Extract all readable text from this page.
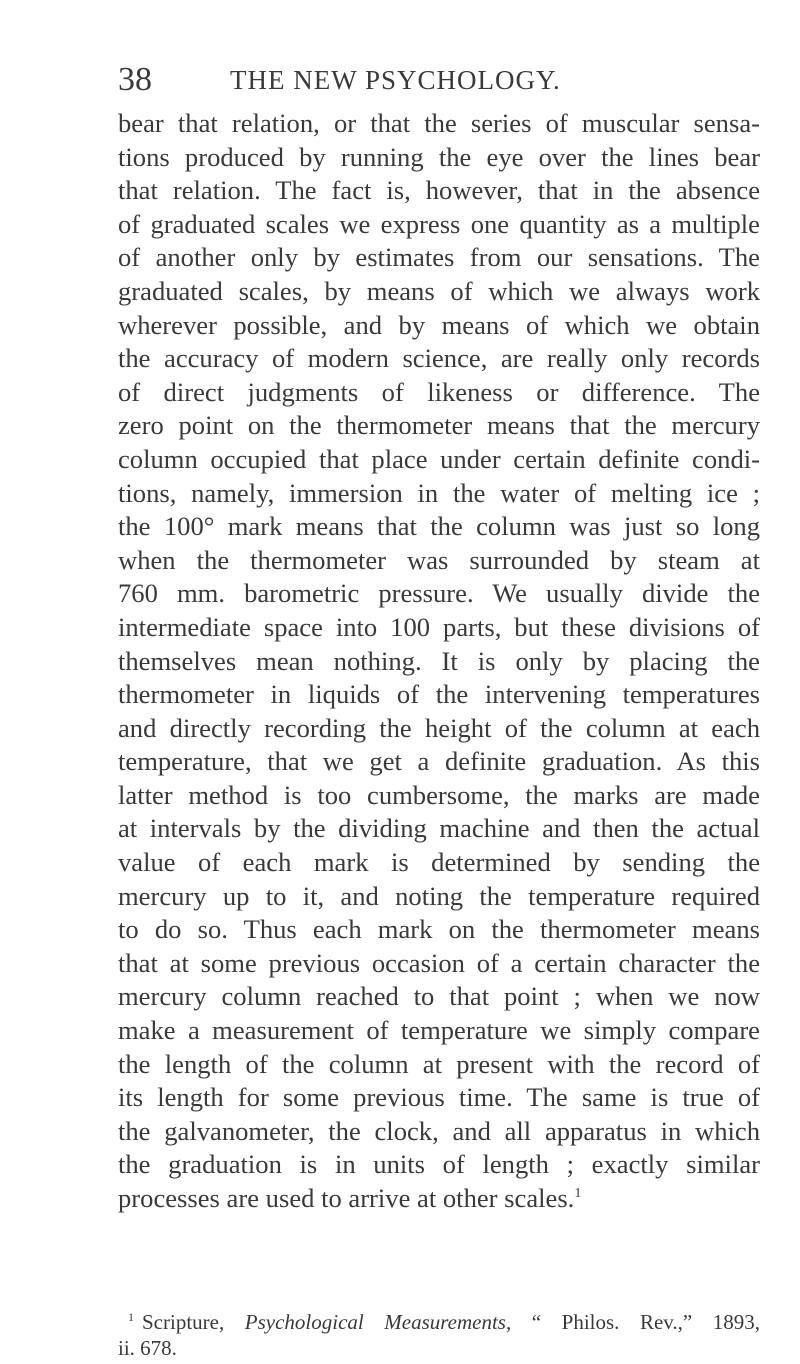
38	THE NEW PSYCHOLOGY.
bear that relation, or that the series of muscular sensa-
tions produced by running the eye over the lines bear
that relation. The fact is, however, that in the absence
of graduated scales we express one quantity as a multiple
of another only by estimates from our sensations. The
graduated scales, by means of which we always work
wherever possible, and by means of which we obtain
the accuracy of modern science, are really only records
of direct judgments of likeness or difference. The
zero point on the thermometer means that the mercury
column occupied that place under certain definite condi-
tions, namely, immersion in the water of melting ice ;
the 100° mark means that the column was just so long
when the thermometer was surrounded by steam at
760 mm. barometric pressure. We usually divide the
intermediate space into 100 parts, but these divisions of
themselves mean nothing. It is only by placing the
thermometer in liquids of the intervening temperatures
and directly recording the height of the column at each
temperature, that we get a definite graduation. As this
latter method is too cumbersome, the marks are made
at intervals by the dividing machine and then the actual
value of each mark is determined by sending the
mercury up to it, and noting the temperature required
to do so. Thus each mark on the thermometer means
that at some previous occasion of a certain character the
mercury column reached to that point ; when we now
make a measurement of temperature we simply compare
the length of the column at present with the record of
its length for some previous time. The same is true of
the galvanometer, the clock, and all apparatus in which
the graduation is in units of length ; exactly similar
processes are used to arrive at other scales.$^1$
$^1$ Scripture, Psychological Measurements, “ Philos. Rev.,” 1893,
ii. 678.
